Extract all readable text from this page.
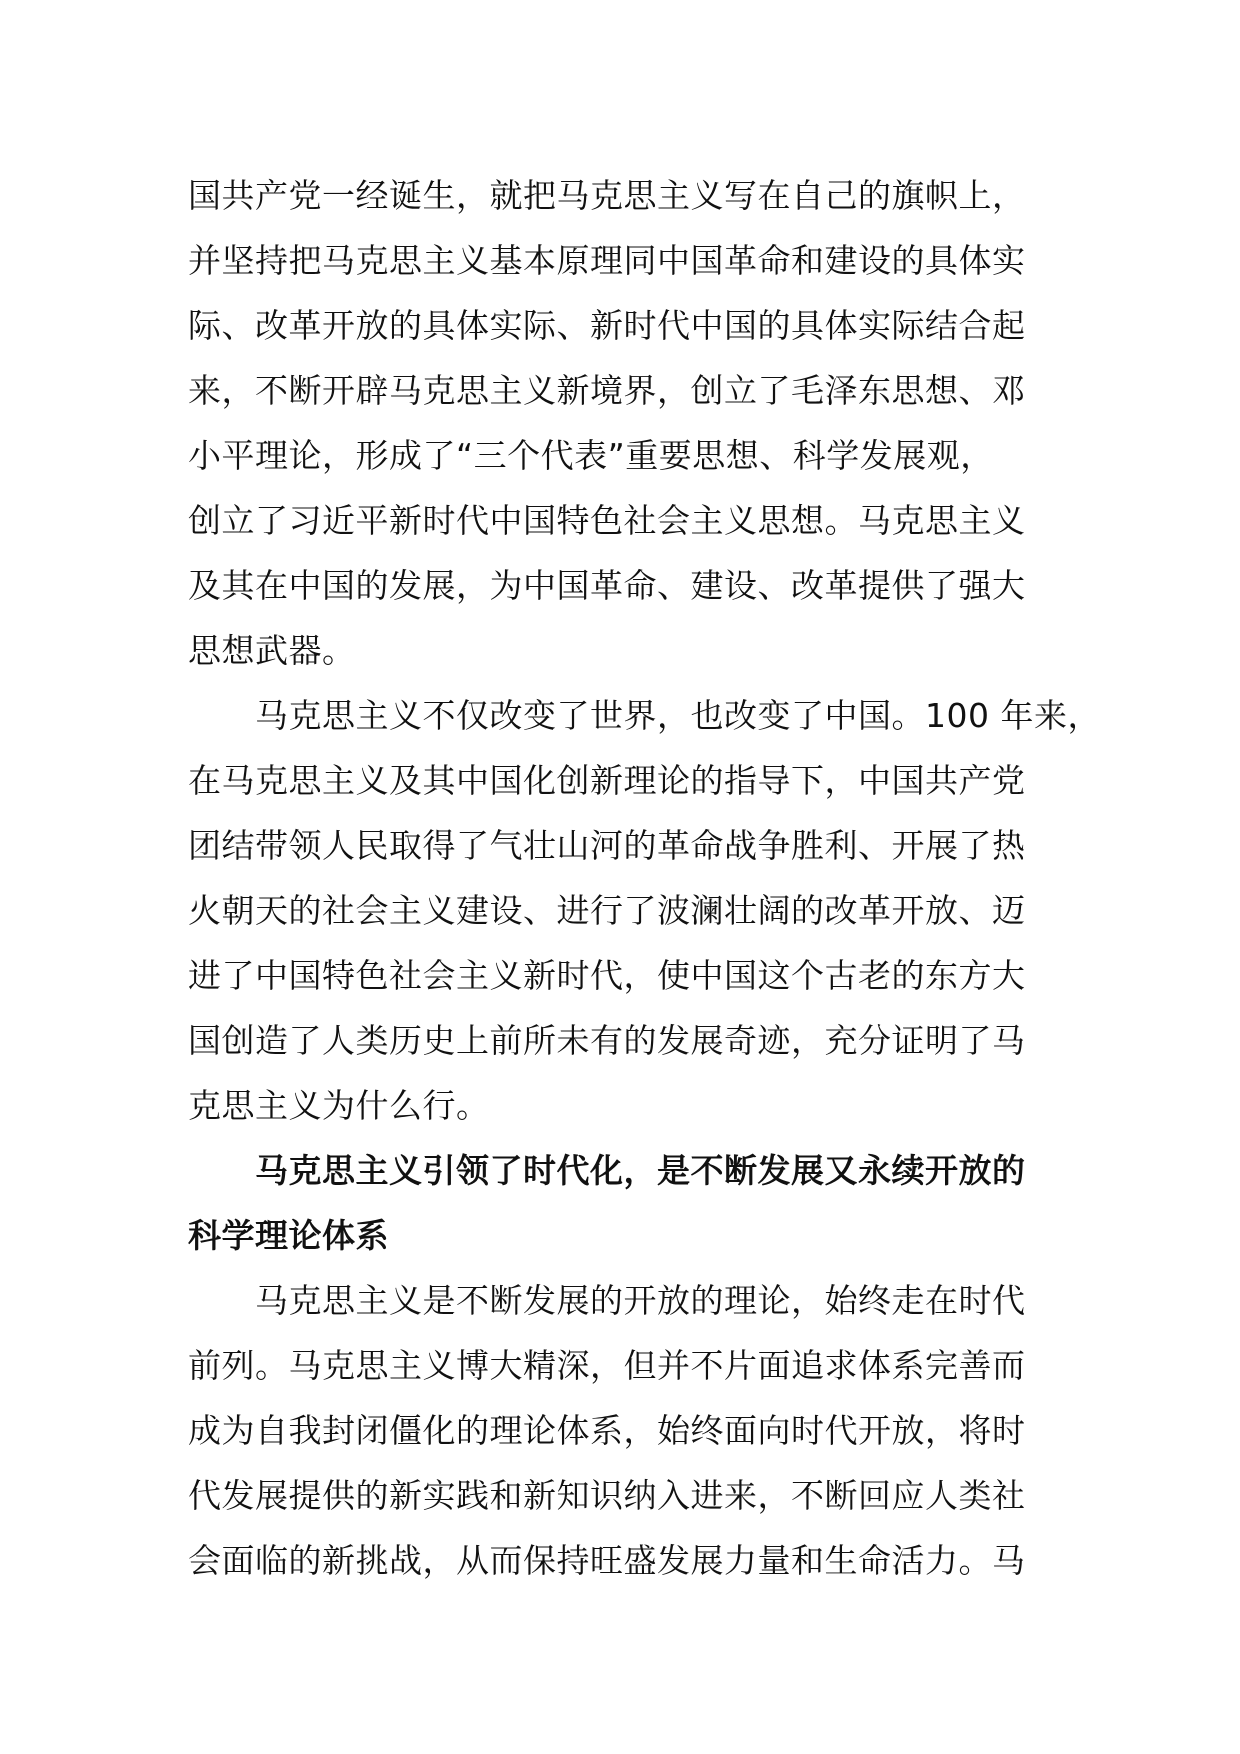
国共产党一经诞生，就把马克思主义写在自己的旗帜上，
并坚持把马克思主义基本原理同中国革命和建设的具体实
际、改革开放的具体实际、新时代中国的具体实际结合起
来，不断开辟马克思主义新境界，创立了毛泽东思想、邓
小平理论，形成了“三个代表”重要思想、科学发展观，
创立了习近平新时代中国特色社会主义思想。马克思主义
及其在中国的发展，为中国革命、建设、改革提供了强大
思想武器。
马克思主义不仅改变了世界，也改变了中国。100 年来，
在马克思主义及其中国化创新理论的指导下，中国共产党
团结带领人民取得了气壮山河的革命战争胜利、开展了热
火朝天的社会主义建设、进行了波澜壮阔的改革开放、迈
进了中国特色社会主义新时代，使中国这个古老的东方大
国创造了人类历史上前所未有的发展奇迹，充分证明了马
克思主义为什么行。
马克思主义引领了时代化，是不断发展又永续开放的
科学理论体系
马克思主义是不断发展的开放的理论，始终走在时代
前列。马克思主义博大精深，但并不片面追求体系完善而
成为自我封闭僵化的理论体系，始终面向时代开放，将时
代发展提供的新实践和新知识纳入进来，不断回应人类社
会面临的新挑战，从而保持旺盛发展力量和生命活力。马
